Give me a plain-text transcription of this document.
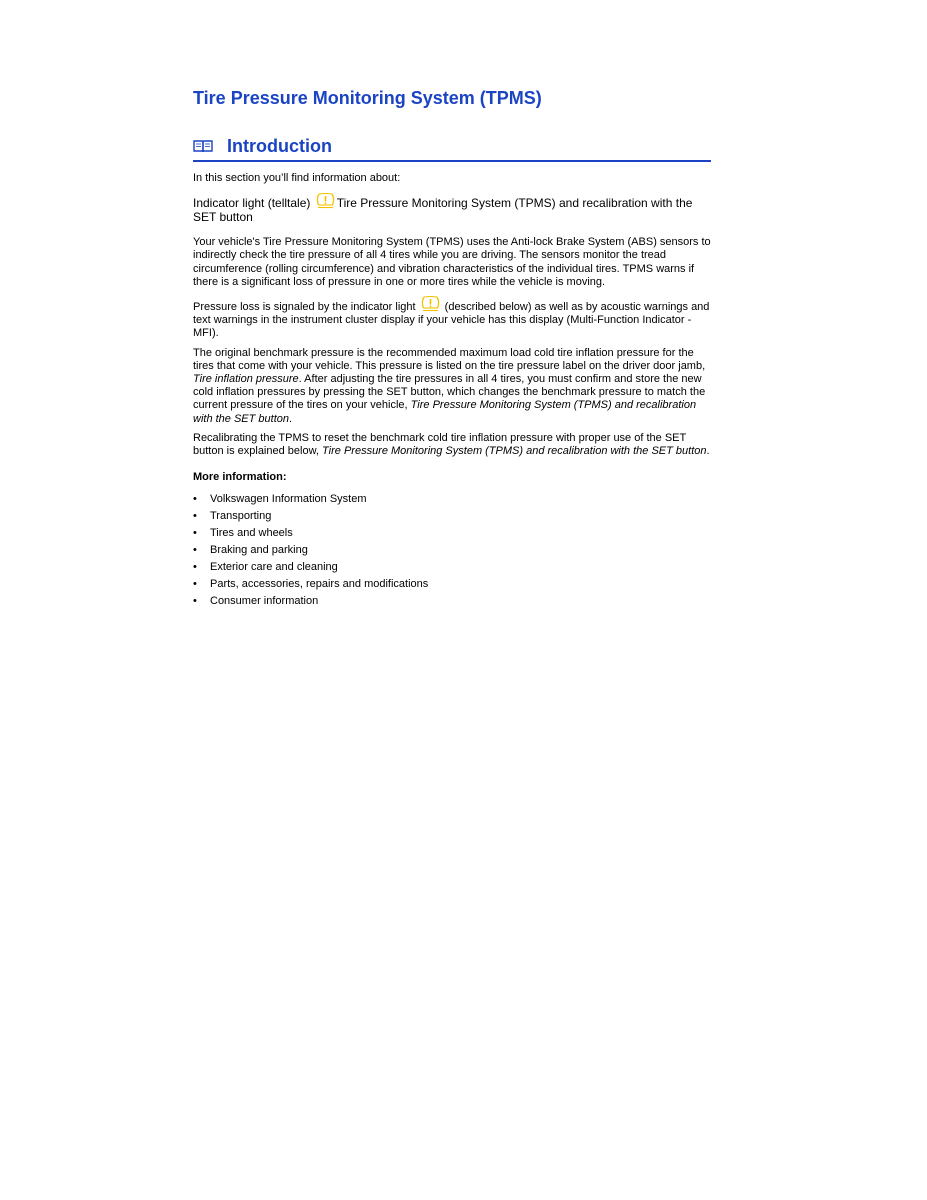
Tire Pressure Monitoring System (TPMS)
Introduction

In this section you’ll find information about:

Indicator light (telltale) Tire Pressure Monitoring System (TPMS) and recalibration with the SET button

Your vehicle's Tire Pressure Monitoring System (TPMS) uses the Anti-lock Brake System (ABS) sensors to indirectly check the tire pressure of all 4 tires while you are driving. The sensors monitor the tread circumference (rolling circumference) and vibration characteristics of the individual tires. TPMS warns if there is a significant loss of pressure in one or more tires while the vehicle is moving.

Pressure loss is signaled by the indicator light  (described below) as well as by acoustic warnings and text warnings in the instrument cluster display if your vehicle has this display (Multi-Function Indicator - MFI).

The original benchmark pressure is the recommended maximum load cold tire inflation pressure for the tires that come with your vehicle. This pressure is listed on the tire pressure label on the driver door jamb, Tire inflation pressure. After adjusting the tire pressures in all 4 tires, you must confirm and store the new cold inflation pressures by pressing the SET button, which changes the benchmark pressure to match the current pressure of the tires on your vehicle, Tire Pressure Monitoring System (TPMS) and recalibration with the SET button.

Recalibrating the TPMS to reset the benchmark cold tire inflation pressure with proper use of the SET button is explained below, Tire Pressure Monitoring System (TPMS) and recalibration with the SET button.

More information:
•	Volkswagen Information System
•	Transporting
•	Tires and wheels
•	Braking and parking
•	Exterior care and cleaning
•	Parts, accessories, repairs and modifications
•	Consumer information
